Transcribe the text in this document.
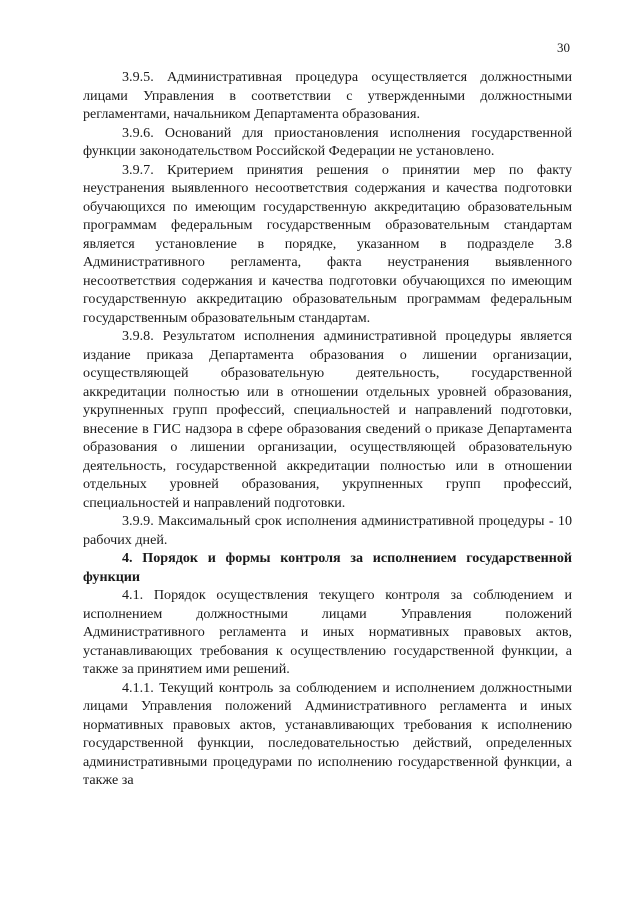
30

3.9.5. Административная процедура осуществляется должностными лицами Управления в соответствии с утвержденными должностными регламентами, начальником Департамента образования.

3.9.6. Оснований для приостановления исполнения государственной функции законодательством Российской Федерации не установлено.

3.9.7. Критерием принятия решения о принятии мер по факту неустранения выявленного несоответствия содержания и качества подготовки обучающихся по имеющим государственную аккредитацию образовательным программам федеральным государственным образовательным стандартам является установление в порядке, указанном в подразделе 3.8 Административного регламента, факта неустранения выявленного несоответствия содержания и качества подготовки обучающихся по имеющим государственную аккредитацию образовательным программам федеральным государственным образовательным стандартам.

3.9.8. Результатом исполнения административной процедуры является издание приказа Департамента образования о лишении организации, осуществляющей образовательную деятельность, государственной аккредитации полностью или в отношении отдельных уровней образования, укрупненных групп профессий, специальностей и направлений подготовки, внесение в ГИС надзора в сфере образования сведений о приказе Департамента образования о лишении организации, осуществляющей образовательную деятельность, государственной аккредитации полностью или в отношении отдельных уровней образования, укрупненных групп профессий, специальностей и направлений подготовки.

3.9.9. Максимальный срок исполнения административной процедуры - 10 рабочих дней.

4. Порядок и формы контроля за исполнением государственной функции

4.1. Порядок осуществления текущего контроля за соблюдением и исполнением должностными лицами Управления положений Административного регламента и иных нормативных правовых актов, устанавливающих требования к осуществлению государственной функции, а также за принятием ими решений.

4.1.1. Текущий контроль за соблюдением и исполнением должностными лицами Управления положений Административного регламента и иных нормативных правовых актов, устанавливающих требования к исполнению государственной функции, последовательностью действий, определенных административными процедурами по исполнению государственной функции, а также за
